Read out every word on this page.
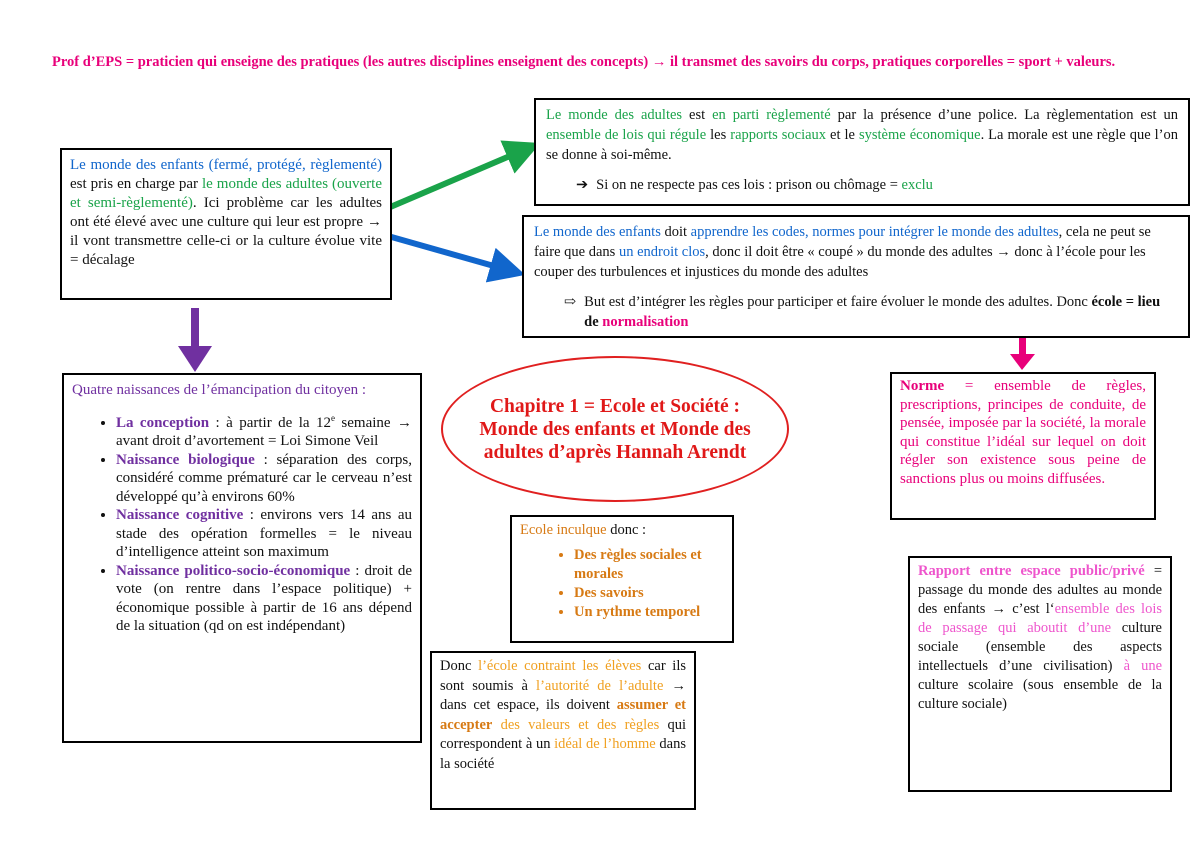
Prof d’EPS = praticien qui enseigne des pratiques (les autres disciplines enseignent des concepts) → il transmet des savoirs du corps, pratiques corporelles = sport + valeurs.
Le monde des enfants (fermé, protégé, règlementé) est pris en charge par le monde des adultes (ouverte et semi-règlementé). Ici problème car les adultes ont été élevé avec une culture qui leur est propre → il vont transmettre celle-ci or la culture évolue vite = décalage
Le monde des adultes est en parti règlementé par la présence d’une police. La règlementation est un ensemble de lois qui régule les rapports sociaux et le système économique. La morale est une règle que l’on se donne à soi-même.
➔ Si on ne respecte pas ces lois : prison ou chômage = exclu
Le monde des enfants doit apprendre les codes, normes pour intégrer le monde des adultes, cela ne peut se faire que dans un endroit clos, donc il doit être « coupé » du monde des adultes → donc à l’école pour les couper des turbulences et injustices du monde des adultes
⇨ But est d’intégrer les règles pour participer et faire évoluer le monde des adultes. Donc école = lieu de normalisation
Chapitre 1 = Ecole et Société : Monde des enfants et Monde des adultes d’après Hannah Arendt
Quatre naissances de l’émancipation du citoyen :
• La conception : à partir de la 12e semaine → avant droit d’avortement = Loi Simone Veil
• Naissance biologique : séparation des corps, considéré comme prématuré car le cerveau n’est développé qu’à environs 60%
• Naissance cognitive : environs vers 14 ans au stade des opération formelles = le niveau d’intelligence atteint son maximum
• Naissance politico-socio-économique : droit de vote (on rentre dans l’espace politique) + économique possible à partir de 16 ans dépend de la situation (qd on est indépendant)
Norme = ensemble de règles, prescriptions, principes de conduite, de pensée, imposée par la société, la morale qui constitue l’idéal sur lequel on doit régler son existence sous peine de sanctions plus ou moins diffusées.
Ecole inculque donc :
• Des règles sociales et morales
• Des savoirs
• Un rythme temporel
Donc l’école contraint les élèves car ils sont soumis à l’autorité de l’adulte → dans cet espace, ils doivent assumer et accepter des valeurs et des règles qui correspondent à un idéal de l’homme dans la société
Rapport entre espace public/privé = passage du monde des adultes au monde des enfants → c’est l‘ensemble des lois de passage qui aboutit d’une culture sociale (ensemble des aspects intellectuels d’une civilisation) à une culture scolaire (sous ensemble de la culture sociale)
